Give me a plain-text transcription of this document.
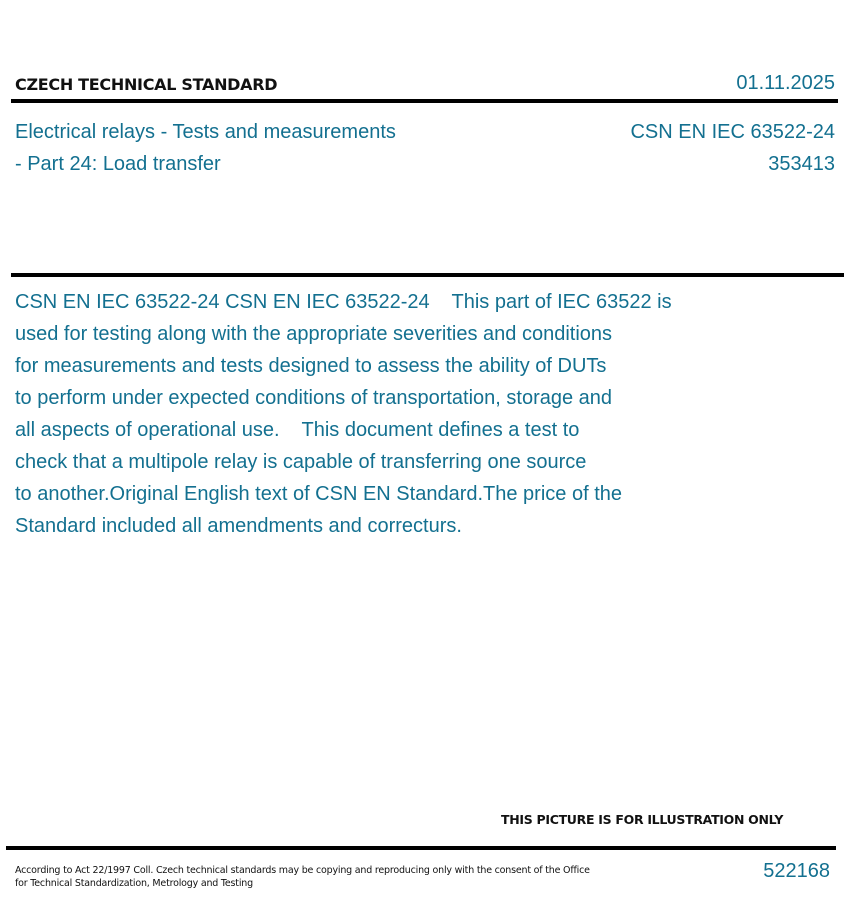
CZECH TECHNICAL STANDARD	01.11.2025
Electrical relays - Tests and measurements
- Part 24: Load transfer
CSN EN IEC 63522-24
353413
CSN EN IEC 63522-24 CSN EN IEC 63522-24    This part of IEC 63522 is
used for testing along with the appropriate severities and conditions
for measurements and tests designed to assess the ability of DUTs
to perform under expected conditions of transportation, storage and
all aspects of operational use.    This document defines a test to
check that a multipole relay is capable of transferring one source
to another.Original English text of CSN EN Standard.The price of the
Standard included all amendments and correcturs.
THIS PICTURE IS FOR ILLUSTRATION ONLY
According to Act 22/1997 Coll. Czech technical standards may be copying and reproducing only with the consent of the Office
for Technical Standardization, Metrology and Testing
522168
